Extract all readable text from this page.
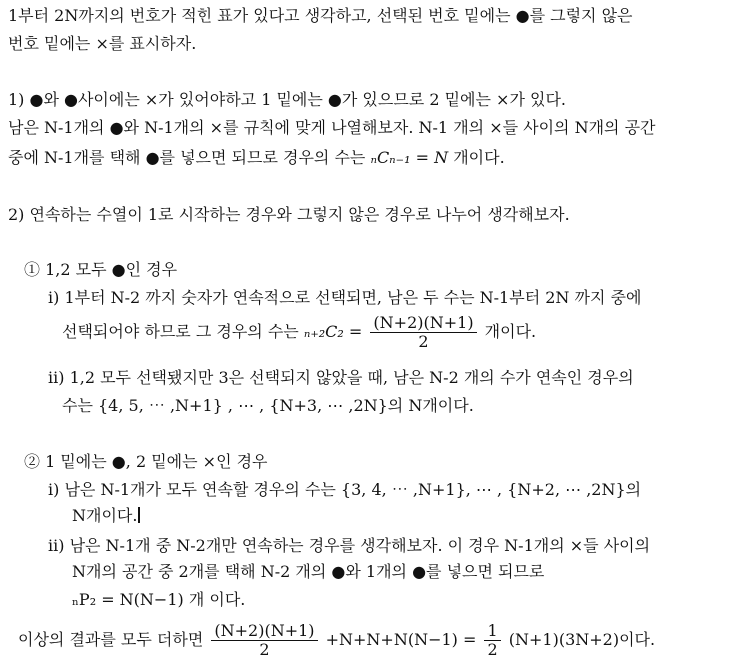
1부터 2N까지의 번호가 적힌 표가 있다고 생각하고, 선택된 번호 밑에는 ●를 그렇지 않은
번호 밑에는 ×를 표시하자.
1) ●와 ●사이에는 ×가 있어야하고 1 밑에는 ●가 있으므로 2 밑에는 ×가 있다.
남은 N-1개의 ●와 N-1개의 ×를 규칙에 맞게 나열해보자. N-1 개의 ×들 사이의 N개의 공간
중에 N-1개를 택해 ●를 넣으면 되므로 경우의 수는 ₙCₙ₋₁ = N 개이다.
2) 연속하는 수열이 1로 시작하는 경우와 그렇지 않은 경우로 나누어 생각해보자.
① 1,2 모두 ●인 경우
ⅰ) 1부터 N-2 까지 숫자가 연속적으로 선택되면, 남은 두 수는 N-1부터 2N 까지 중에
선택되어야 하므로 그 경우의 수는 $_{n+2}C_2 = \frac{(N+2)(N+1)}{2}$ 개이다.
ⅱ) 1,2 모두 선택됐지만 3은 선택되지 않았을 때, 남은 N-2 개의 수가 연속인 경우의
수는 {4, 5, ⋯ ,N+1} , ⋯ , {N+3, ⋯ ,2N}의 N개이다.
② 1 밑에는 ●, 2 밑에는 ×인 경우
ⅰ) 남은 N-1개가 모두 연속할 경우의 수는 {3, 4, ⋯ ,N+1}, ⋯ , {N+2, ⋯ ,2N}의
N개이다.
ⅱ) 남은 N-1개 중 N-2개만 연속하는 경우를 생각해보자. 이 경우 N-1개의 ×들 사이의
N개의 공간 중 2개를 택해 N-2 개의 ●와 1개의 ●를 넣으면 되므로
ₙP₂ = N(N−1) 개 이다.
이상의 결과를 모두 더하면 $\frac{(N+2)(N+1)}{2} +N+N+N(N-1) = \frac{1}{2} (N+1)(3N+2)$이다.
